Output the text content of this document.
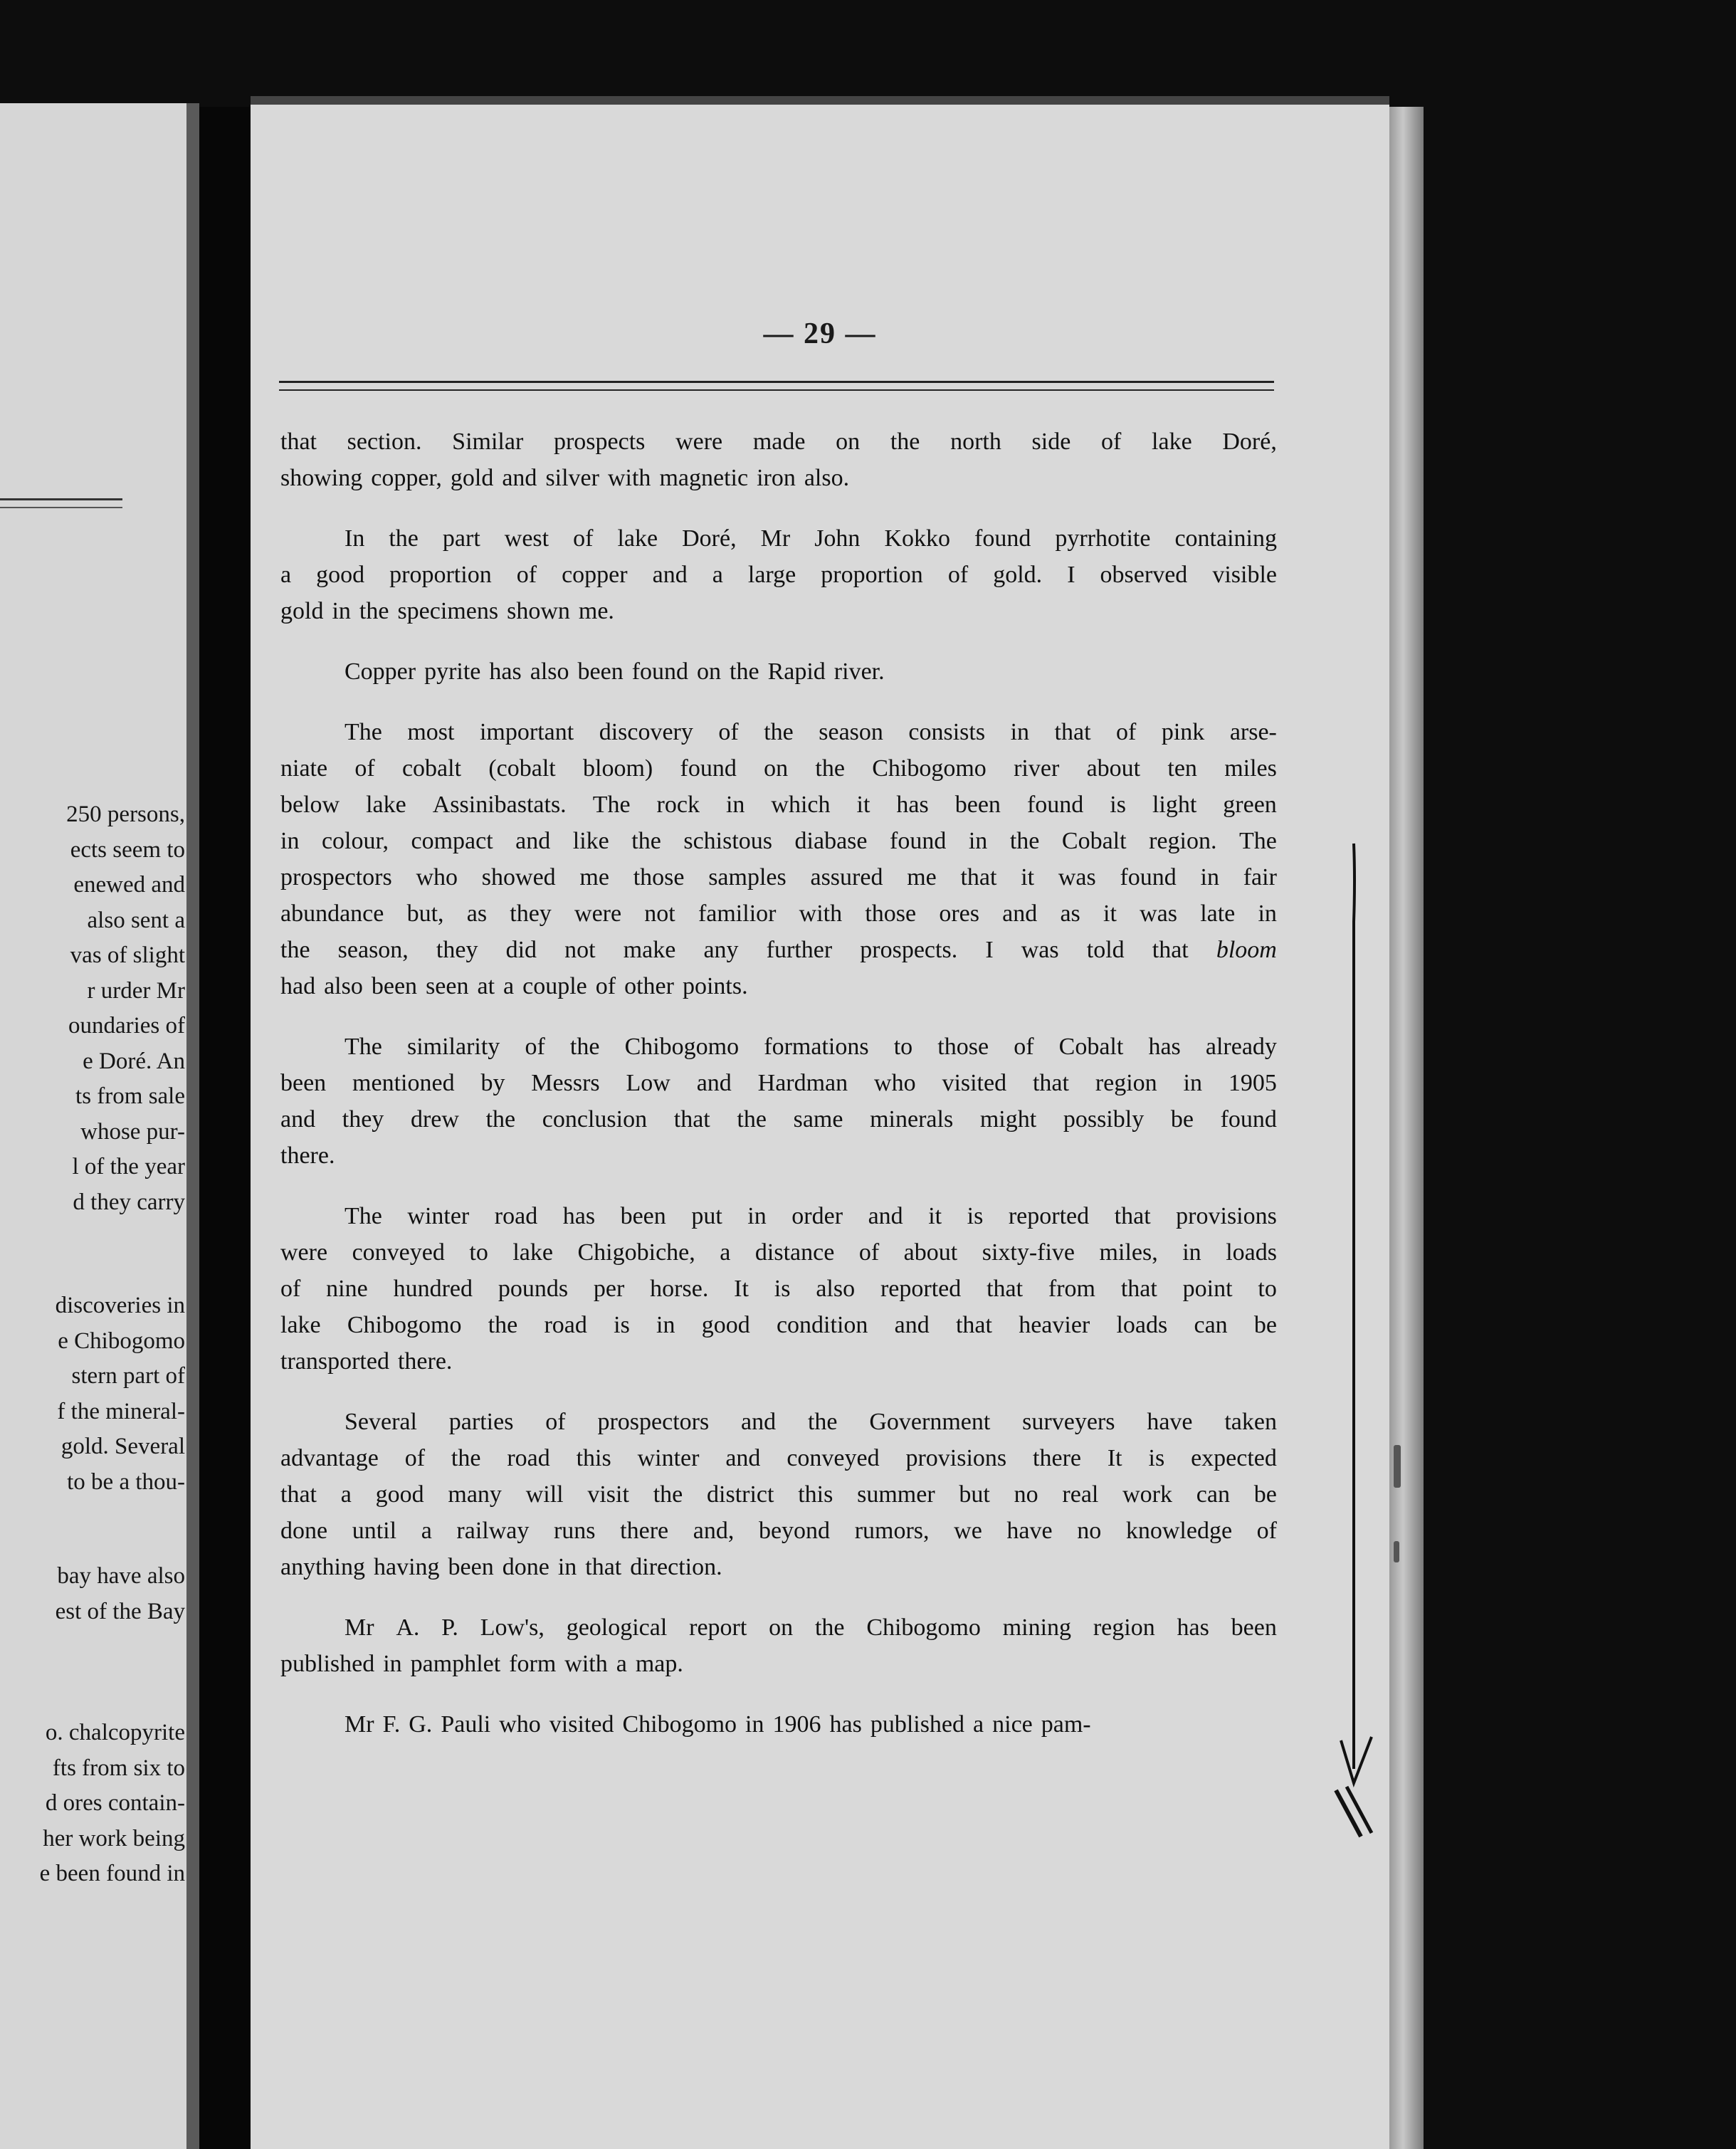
250 persons,
ects seem to
enewed and
also sent a
vas of slight
r urder Mr
oundaries of
e Doré. An
ts from sale
whose pur-
l of the year
d they carry
discoveries in
e Chibogomo
stern part of
f the mineral-
gold. Several
to be a thou-
bay have also
est of the Bay
o. chalcopyrite
fts from six to
d ores contain-
her work being
e been found in
— 29 —
that section. Similar prospects were made on the north side of lake Doré,
showing copper, gold and silver with magnetic iron also.
In the part west of lake Doré, Mr John Kokko found pyrrhotite containing
a good proportion of copper and a large proportion of gold. I observed visible
gold in the specimens shown me.
Copper pyrite has also been found on the Rapid river.
The most important discovery of the season consists in that of pink arse-
niate of cobalt (cobalt bloom) found on the Chibogomo river about ten miles
below lake Assinibastats. The rock in which it has been found is light green
in colour, compact and like the schistous diabase found in the Cobalt region. The
prospectors who showed me those samples assured me that it was found in fair
abundance but, as they were not familior with those ores and as it was late in
the season, they did not make any further prospects. I was told that bloom
had also been seen at a couple of other points.
The similarity of the Chibogomo formations to those of Cobalt has already
been mentioned by Messrs Low and Hardman who visited that region in 1905
and they drew the conclusion that the same minerals might possibly be found
there.
The winter road has been put in order and it is reported that provisions
were conveyed to lake Chigobiche, a distance of about sixty-five miles, in loads
of nine hundred pounds per horse. It is also reported that from that point to
lake Chibogomo the road is in good condition and that heavier loads can be
transported there.
Several parties of prospectors and the Government surveyers have taken
advantage of the road this winter and conveyed provisions there It is expected
that a good many will visit the district this summer but no real work can be
done until a railway runs there and, beyond rumors, we have no knowledge of
anything having been done in that direction.
Mr A. P. Low's, geological report on the Chibogomo mining region has been
published in pamphlet form with a map.
Mr F. G. Pauli who visited Chibogomo in 1906 has published a nice pam-
